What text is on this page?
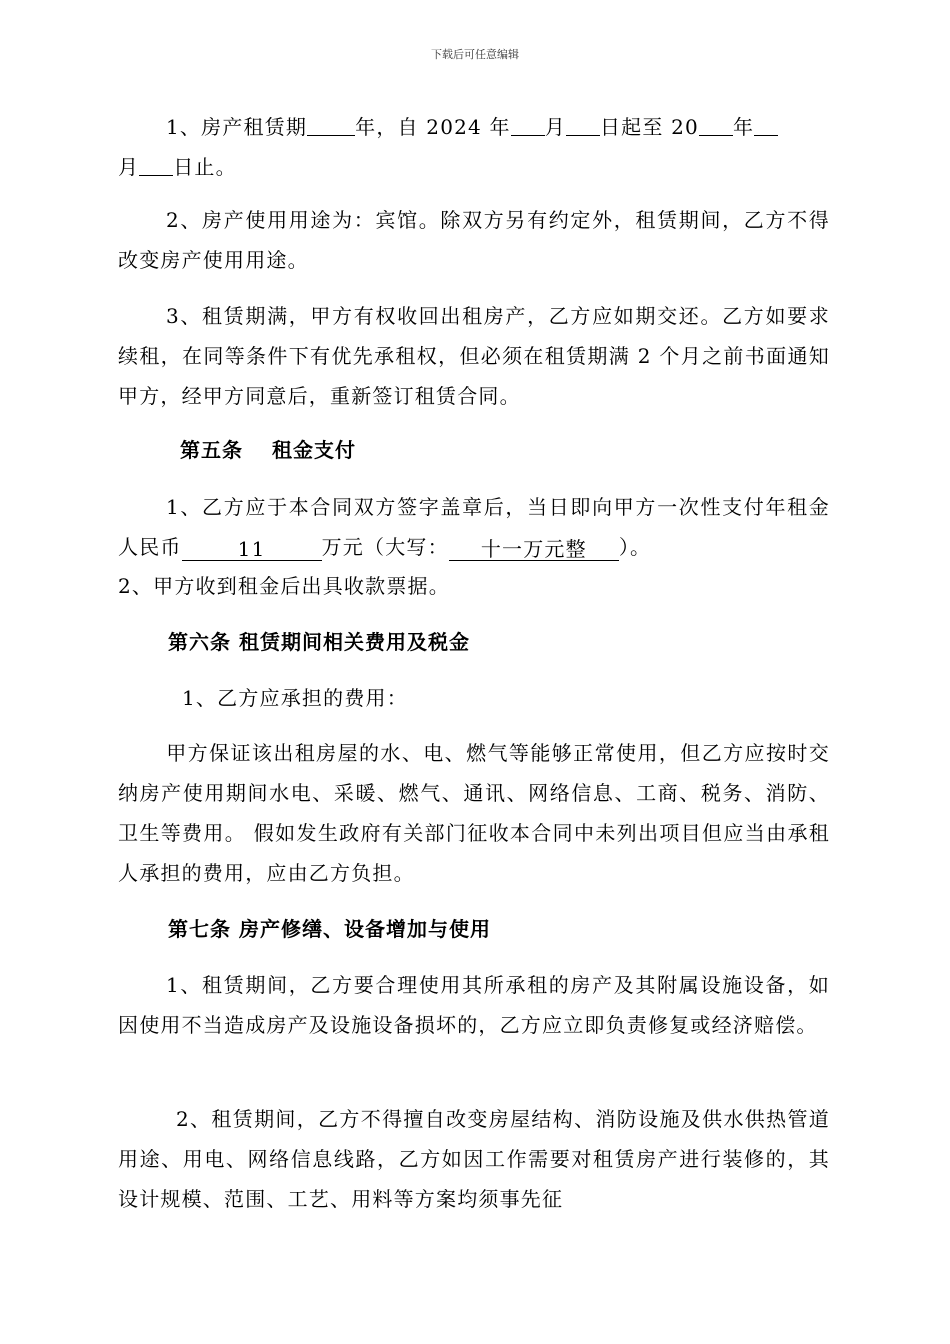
下载后可任意编辑

1、房产租赁期 年，自 2024 年 月 日起至 20 年
月 日止。

2、房产使用用途为：宾馆。除双方另有约定外，租赁期间，乙方不得改变房产使用用途。

3、租赁期满，甲方有权收回出租房产，乙方应如期交还。乙方如要求续租，在同等条件下有优先承租权，但必须在租赁期满 2 个月之前书面通知甲方，经甲方同意后，重新签订租赁合同。

第五条　 租金支付

1、乙方应于本合同双方签字盖章后，当日即向甲方一次性支付年租金人民币	11	万元（大写： 十一万元整 ）。

2、甲方收到租金后出具收款票据。

第六条 租赁期间相关费用及税金

1、乙方应承担的费用：

甲方保证该出租房屋的水、电、燃气等能够正常使用，但乙方应按时交纳房产使用期间水电、采暖、燃气、通讯、网络信息、工商、税务、消防、卫生等费用。 假如发生政府有关部门征收本合同中未列出项目但应当由承租人承担的费用，应由乙方负担。

第七条 房产修缮、设备增加与使用

1、租赁期间，乙方要合理使用其所承租的房产及其附属设施设备，如因使用不当造成房产及设施设备损坏的，乙方应立即负责修复或经济赔偿。

2、租赁期间，乙方不得擅自改变房屋结构、消防设施及供水供热管道用途、用电、网络信息线路，乙方如因工作需要对租赁房产进行装修的，其设计规模、范围、工艺、用料等方案均须事先征
